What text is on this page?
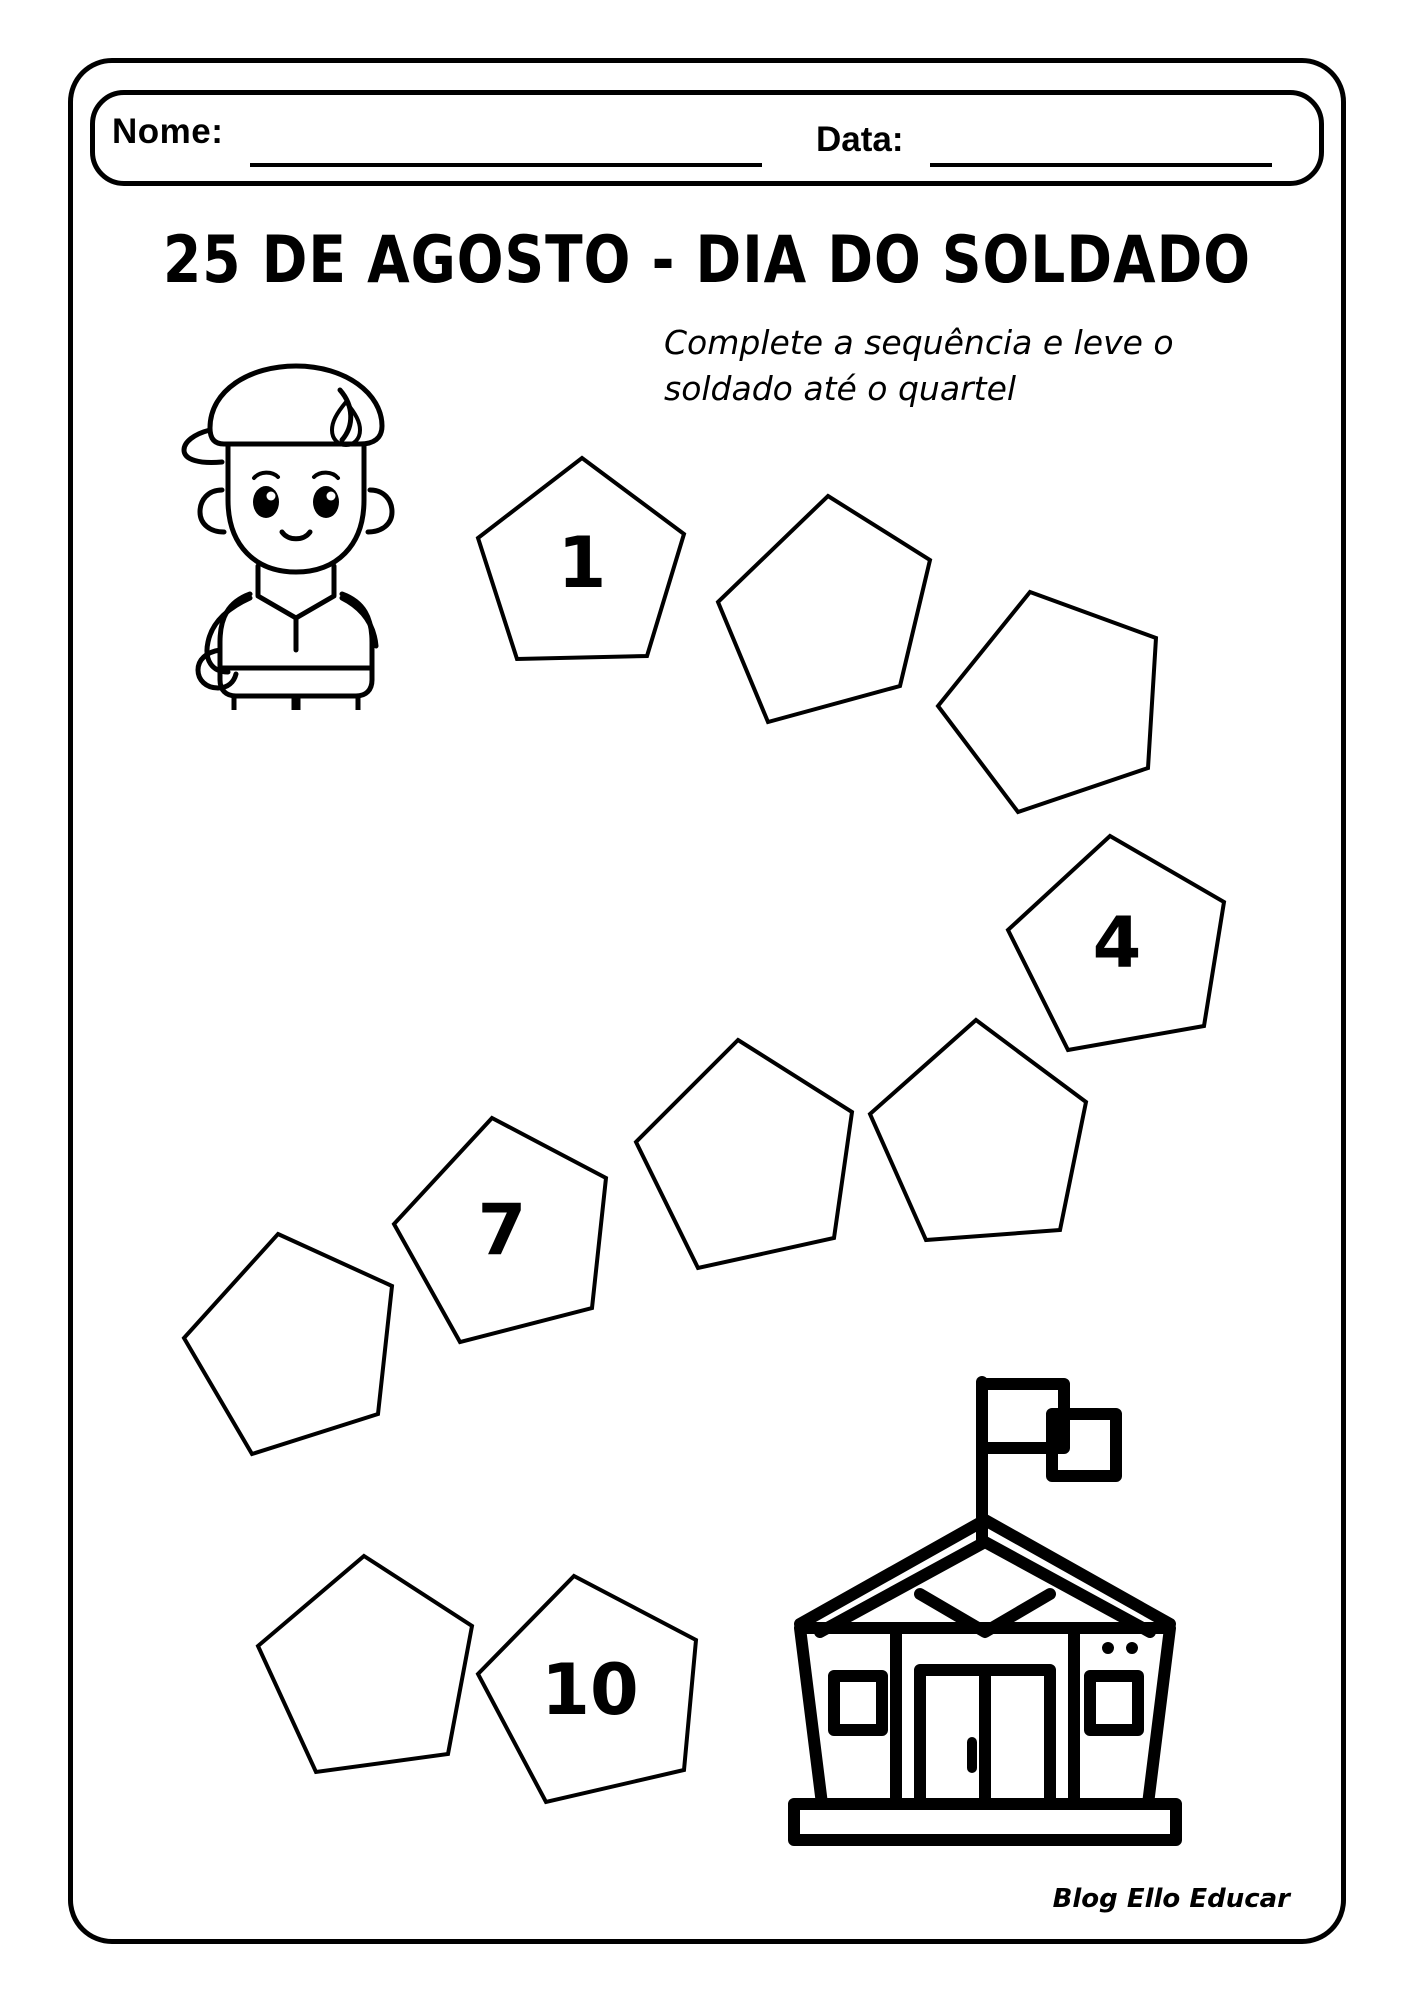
Nome:	Data:
25 DE AGOSTO - DIA DO SOLDADO
Complete a sequência e leve o soldado até o quartel
1
4
7
10
Blog Ello Educar
